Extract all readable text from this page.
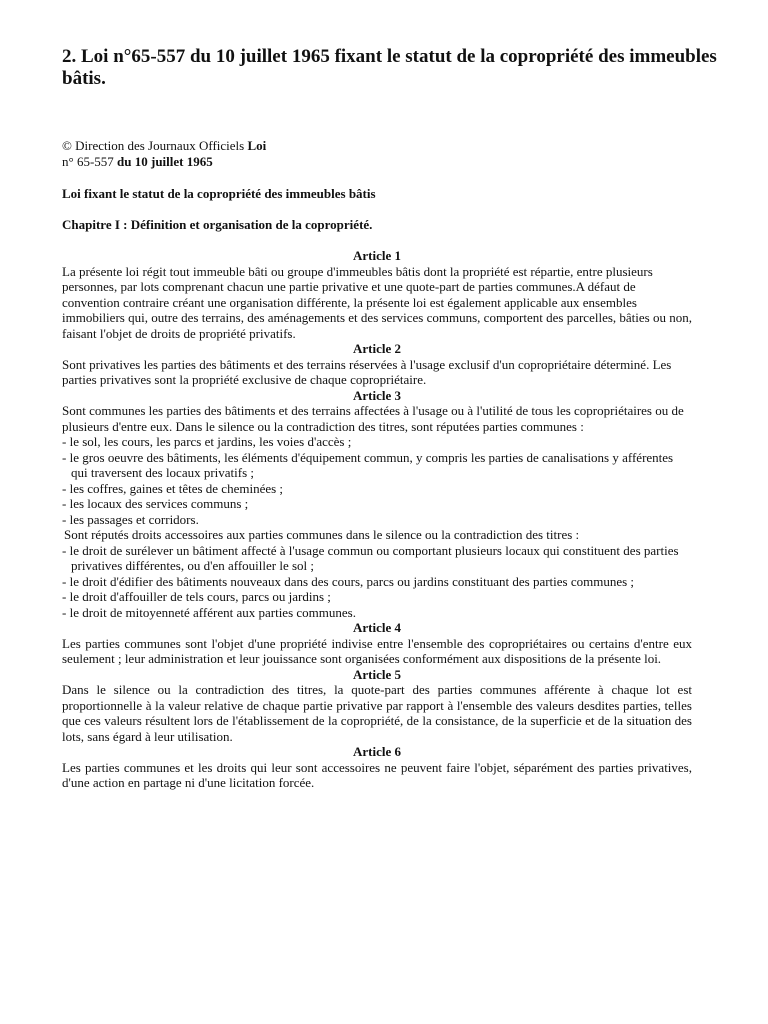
2. Loi n°65-557 du 10 juillet 1965 fixant le statut de la copropriété des immeubles bâtis.
© Direction des Journaux Officiels Loi
n° 65-557 du 10 juillet 1965
Loi fixant le statut de la copropriété des immeubles bâtis
Chapitre I : Définition et organisation de la copropriété.

Article 1

La présente loi régit tout immeuble bâti ou groupe d'immeubles bâtis dont la propriété est répartie, entre plusieurs personnes, par lots comprenant chacun une partie privative et une quote-part de parties communes.A défaut de convention contraire créant une organisation différente, la présente loi est également applicable aux ensembles immobiliers qui, outre des terrains, des aménagements et des services communs, comportent des parcelles, bâties ou non, faisant l'objet de droits de propriété privatifs.

Article 2

Sont privatives les parties des bâtiments et des terrains réservées à l'usage exclusif d'un copropriétaire déterminé. Les parties privatives sont la propriété exclusive de chaque copropriétaire.

Article 3

Sont communes les parties des bâtiments et des terrains affectées à l'usage ou à l'utilité de tous les copropriétaires ou de plusieurs d'entre eux. Dans le silence ou la contradiction des titres, sont réputées parties communes :

- le sol, les cours, les parcs et jardins, les voies d'accès ;

- le gros oeuvre des bâtiments, les éléments d'équipement commun, y compris les parties de canalisations y afférentes qui traversent des locaux privatifs ;

- les coffres, gaines et têtes de cheminées ;

- les locaux des services communs ;

- les passages et corridors.

Sont réputés droits accessoires aux parties communes dans le silence ou la contradiction des titres :

- le droit de surélever un bâtiment affecté à l'usage commun ou comportant plusieurs locaux qui constituent des parties privatives différentes, ou d'en affouiller le sol ;

- le droit d'édifier des bâtiments nouveaux dans des cours, parcs ou jardins constituant des parties communes ;

- le droit d'affouiller de tels cours, parcs ou jardins ;

- le droit de mitoyenneté afférent aux parties communes.

Article 4

Les parties communes sont l'objet d'une propriété indivise entre l'ensemble des copropriétaires ou certains d'entre eux seulement ; leur administration et leur jouissance sont organisées conformément aux dispositions de la présente loi.

Article 5

Dans le silence ou la contradiction des titres, la quote-part des parties communes afférente à chaque lot est proportionnelle à la valeur relative de chaque partie privative par rapport à l'ensemble des valeurs desdites parties, telles que ces valeurs résultent lors de l'établissement de la copropriété, de la consistance, de la superficie et de la situation des lots, sans égard à leur utilisation.

Article 6

Les parties communes et les droits qui leur sont accessoires ne peuvent faire l'objet, séparément des parties privatives, d'une action en partage ni d'une licitation forcée.
